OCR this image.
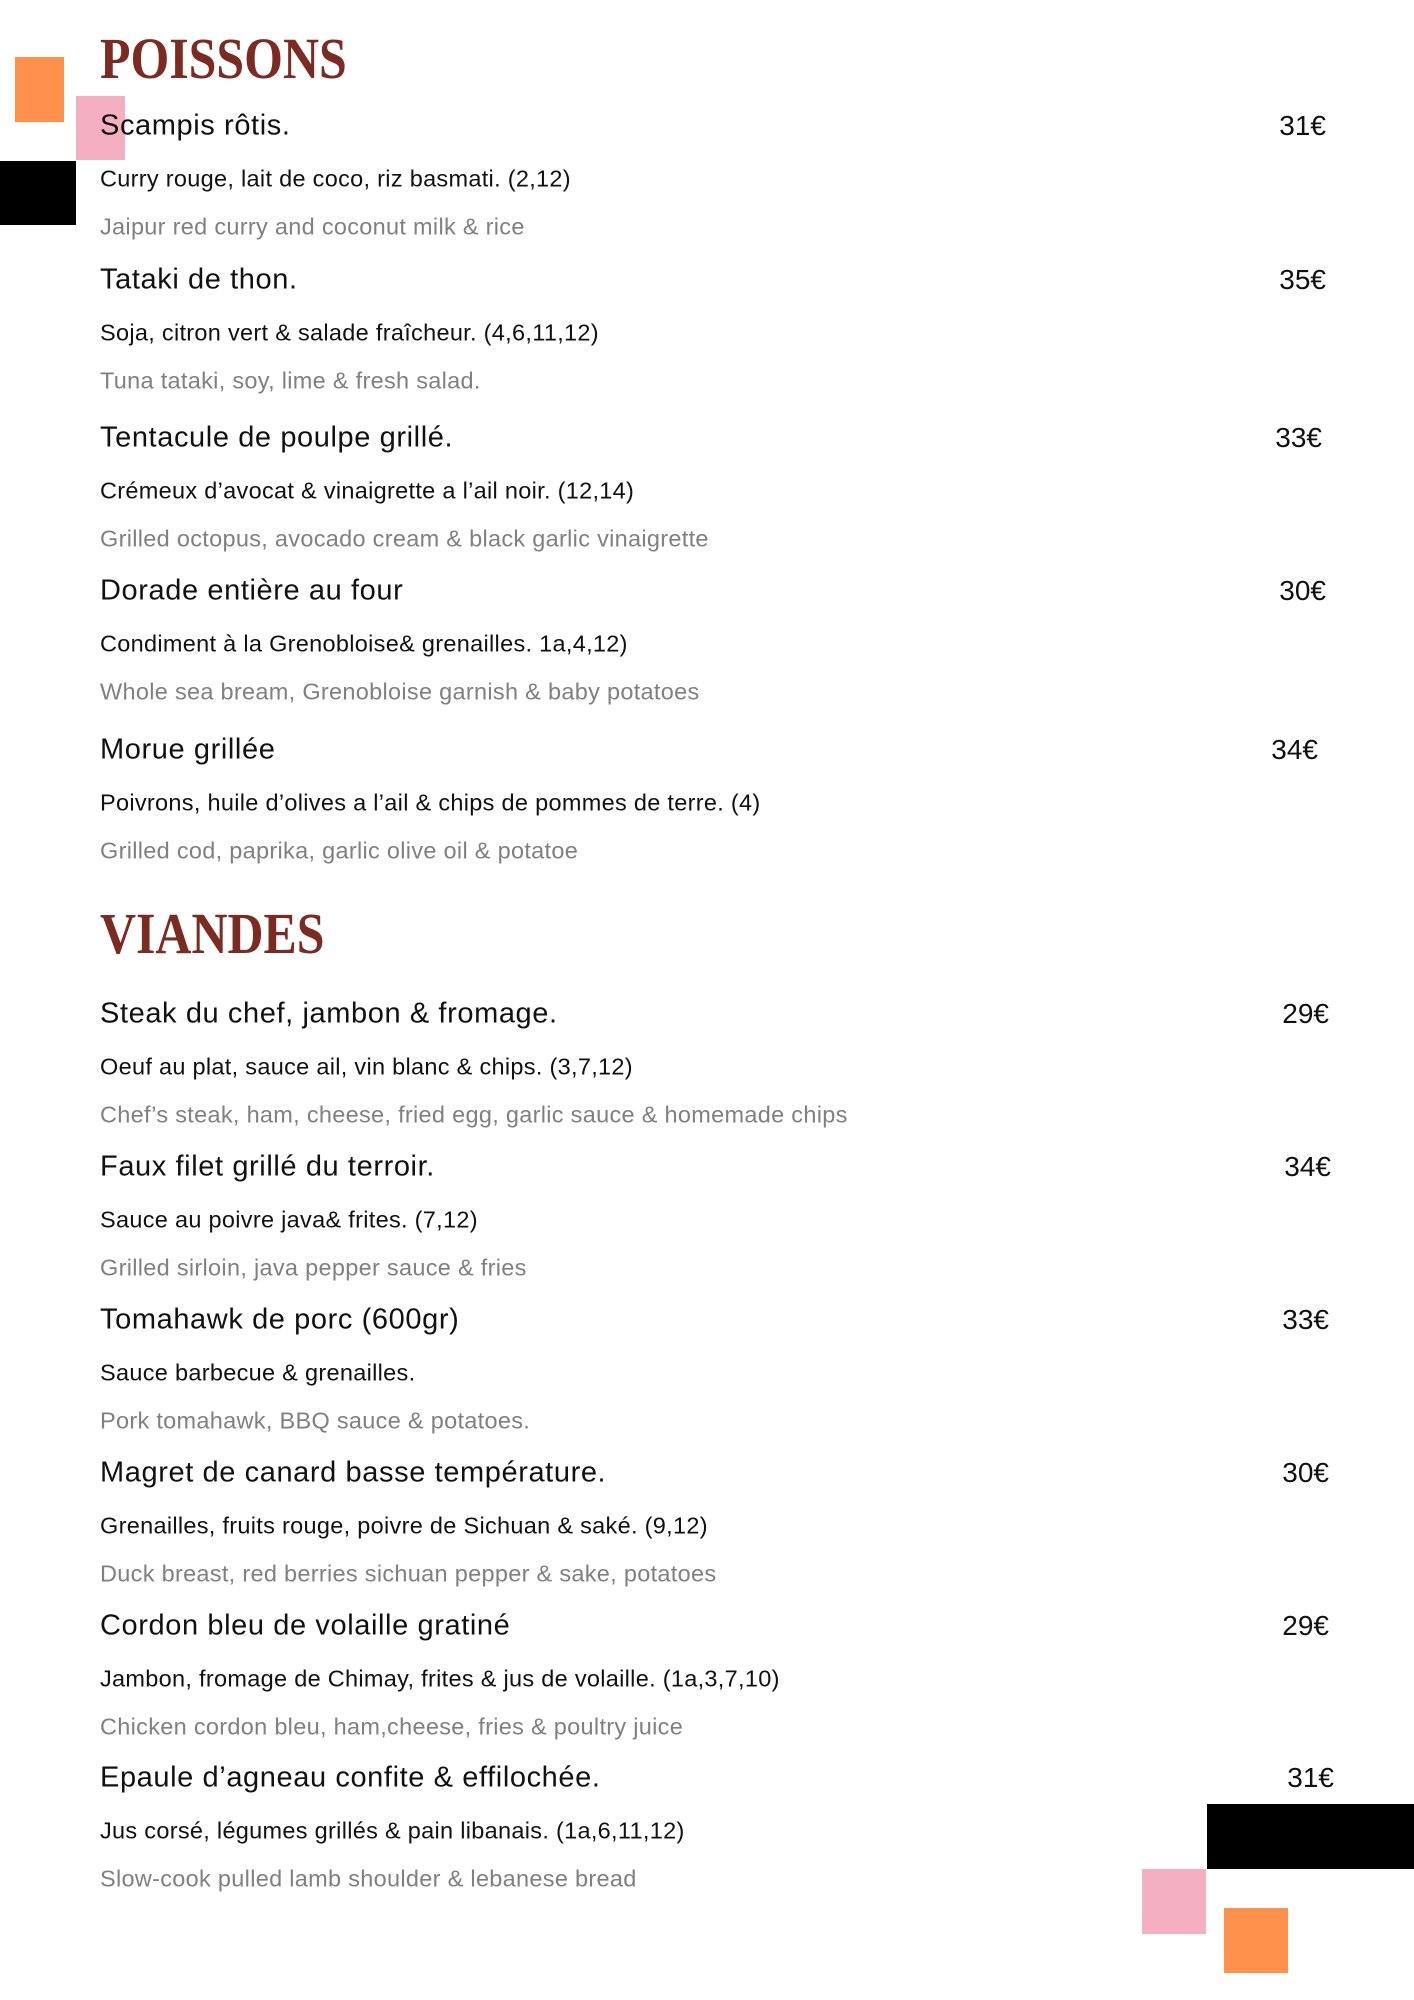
POISSONS
Scampis rôtis.	31€
Curry rouge, lait de coco, riz basmati. (2,12)
Jaipur red curry and coconut milk & rice
Tataki de thon.	35€
Soja, citron vert & salade fraîcheur. (4,6,11,12)
Tuna tataki, soy, lime & fresh salad.
Tentacule de poulpe grillé.	33€
Crémeux d’avocat & vinaigrette a l’ail noir. (12,14)
Grilled octopus, avocado cream & black garlic vinaigrette
Dorade entière au four	30€
Condiment à la Grenobloise& grenailles. 1a,4,12)
Whole sea bream, Grenobloise garnish & baby potatoes
Morue grillée	34€
Poivrons, huile d’olives a l’ail & chips de pommes de terre. (4)
Grilled cod, paprika, garlic olive oil & potatoe
VIANDES
Steak du chef, jambon & fromage.	29€
Oeuf au plat, sauce ail, vin blanc & chips. (3,7,12)
Chef’s steak, ham, cheese, fried egg, garlic sauce & homemade chips
Faux filet grillé du terroir.	34€
Sauce au poivre java& frites. (7,12)
Grilled sirloin, java pepper sauce & fries
Tomahawk de porc (600gr)	33€
Sauce barbecue & grenailles.
Pork tomahawk, BBQ sauce & potatoes.
Magret de canard basse température.	30€
Grenailles, fruits rouge, poivre de Sichuan & saké. (9,12)
Duck breast, red berries sichuan pepper & sake, potatoes
Cordon bleu de volaille gratiné	29€
Jambon, fromage de Chimay, frites & jus de volaille. (1a,3,7,10)
Chicken cordon bleu, ham,cheese, fries & poultry juice
Epaule d’agneau confite & effilochée.	31€
Jus corsé, légumes grillés & pain libanais. (1a,6,11,12)
Slow-cook pulled lamb shoulder & lebanese bread
